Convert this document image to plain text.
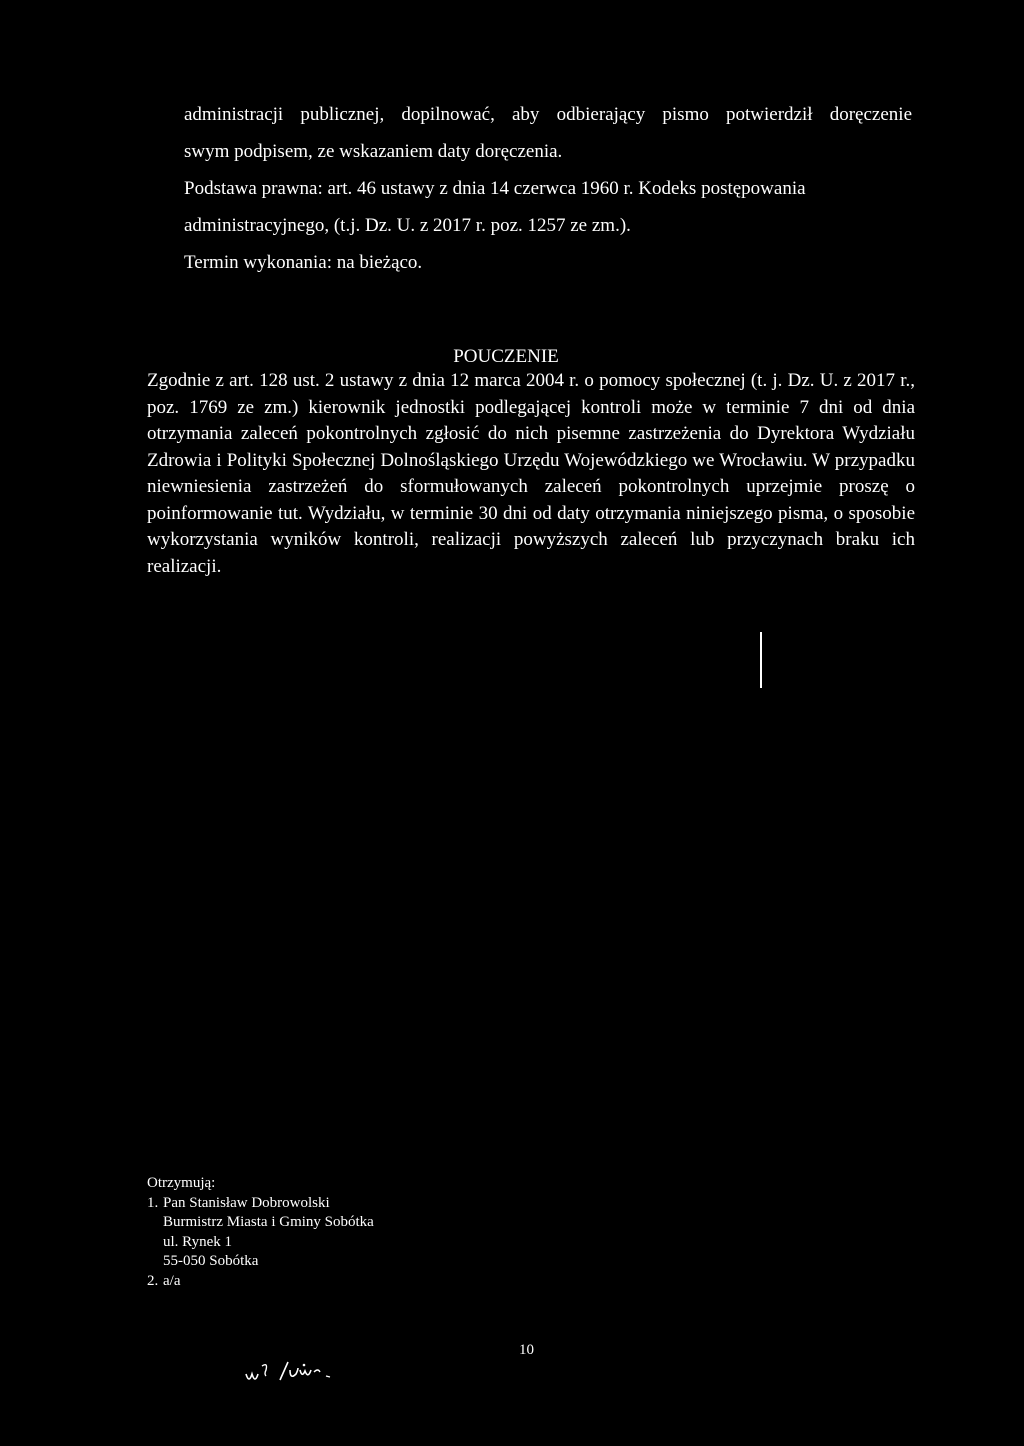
administracji publicznej, dopilnować, aby odbierający pismo potwierdził doręczenie
swym podpisem, ze wskazaniem daty doręczenia.
Podstawa prawna: art. 46 ustawy z dnia 14 czerwca 1960 r. Kodeks postępowania
administracyjnego, (t.j. Dz. U. z 2017 r. poz. 1257 ze zm.).
Termin wykonania: na bieżąco.
POUCZENIE
Zgodnie z art. 128 ust. 2 ustawy z dnia 12 marca 2004 r. o pomocy społecznej (t. j. Dz. U. z 2017 r., poz. 1769 ze zm.) kierownik jednostki podlegającej kontroli może w terminie 7 dni od dnia otrzymania zaleceń pokontrolnych zgłosić do nich pisemne zastrzeżenia do Dyrektora Wydziału Zdrowia i Polityki Społecznej Dolnośląskiego Urzędu Wojewódzkiego we Wrocławiu. W przypadku niewniesienia zastrzeżeń do sformułowanych zaleceń pokontrolnych uprzejmie proszę o poinformowanie tut. Wydziału, w terminie 30 dni od daty otrzymania niniejszego pisma, o sposobie wykorzystania wyników kontroli, realizacji powyższych zaleceń lub przyczynach braku ich realizacji.
Otrzymują:
1. Pan Stanisław Dobrowolski
Burmistrz Miasta i Gminy Sobótka
ul. Rynek 1
55-050 Sobótka
2. a/a
10
